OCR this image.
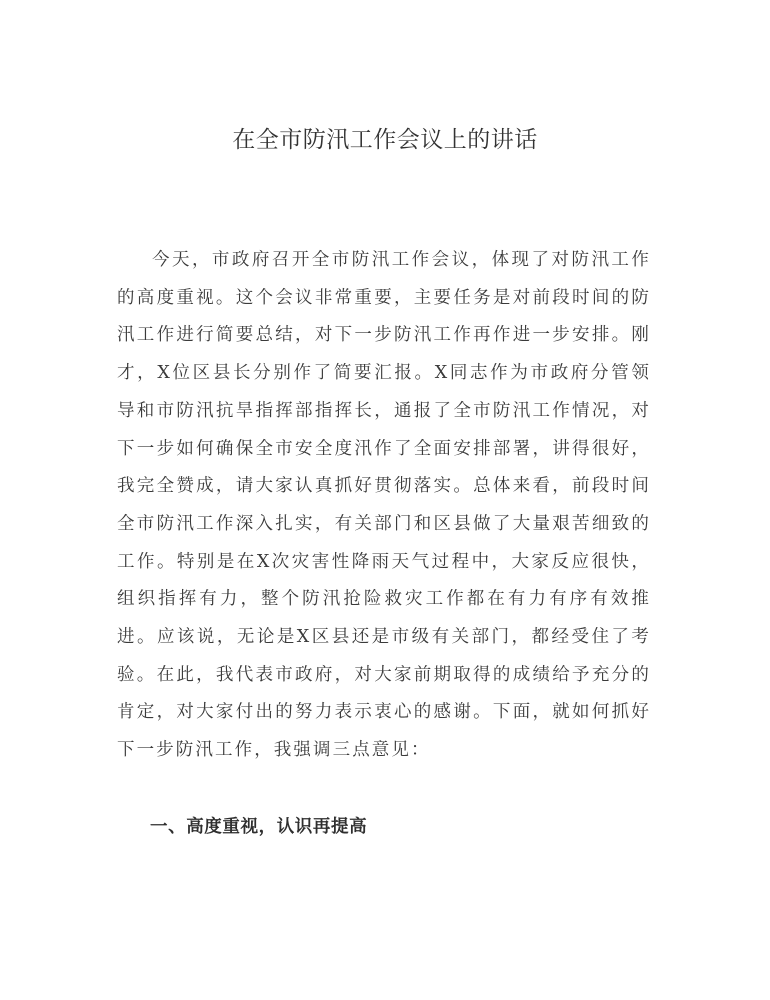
在全市防汛工作会议上的讲话

今天，市政府召开全市防汛工作会议，体现了对防汛工作的高度重视。这个会议非常重要，主要任务是对前段时间的防汛工作进行简要总结，对下一步防汛工作再作进一步安排。刚才，X位区县长分别作了简要汇报。X同志作为市政府分管领导和市防汛抗旱指挥部指挥长，通报了全市防汛工作情况，对下一步如何确保全市安全度汛作了全面安排部署，讲得很好，我完全赞成，请大家认真抓好贯彻落实。总体来看，前段时间全市防汛工作深入扎实，有关部门和区县做了大量艰苦细致的工作。特别是在X次灾害性降雨天气过程中，大家反应很快，组织指挥有力，整个防汛抢险救灾工作都在有力有序有效推进。应该说，无论是X区县还是市级有关部门，都经受住了考验。在此，我代表市政府，对大家前期取得的成绩给予充分的肯定，对大家付出的努力表示衷心的感谢。下面，就如何抓好下一步防汛工作，我强调三点意见：

一、高度重视，认识再提高
